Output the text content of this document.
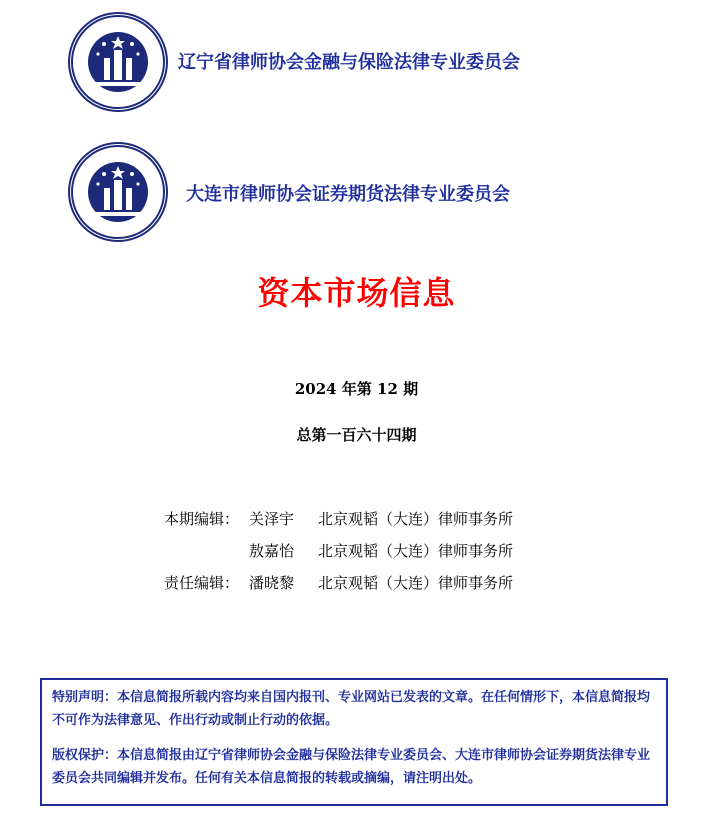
辽宁省律师协会金融与保险法律专业委员会
大连市律师协会证券期货法律专业委员会
资本市场信息
2024 年第 12 期
总第一百六十四期
本期编辑： 关泽宇 北京观韬（大连）律师事务所
敖嘉怡 北京观韬（大连）律师事务所
责任编辑： 潘晓黎 北京观韬（大连）律师事务所

特别声明：本信息简报所载内容均来自国内报刊、专业网站已发表的文章。在任何情形下，本信息简报均不可作为法律意见、作出行动或制止行动的依据。

版权保护：本信息简报由辽宁省律师协会金融与保险法律专业委员会、大连市律师协会证券期货法律专业委员会共同编辑并发布。任何有关本信息简报的转载或摘编，请注明出处。
